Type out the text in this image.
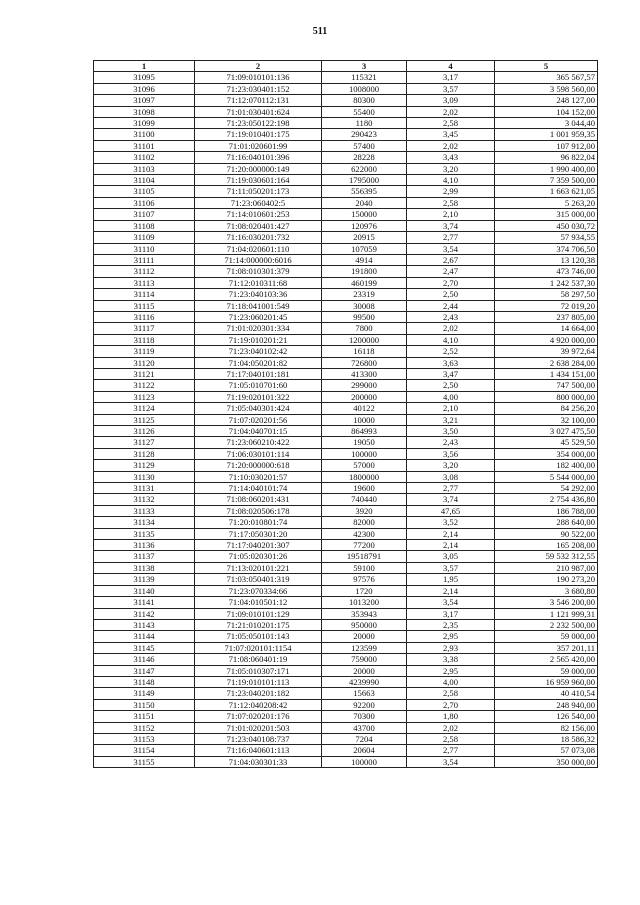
511
1	2	3	4	5
31095	71:09:010101:136	115321	3,17	365 567,57
31096	71:23:030401:152	1008000	3,57	3 598 560,00
31097	71:12:070112:131	80300	3,09	248 127,00
31098	71:01:030401:624	55400	2,02	104 152,00
31099	71:23:050122:198	1180	2,58	3 044,40
31100	71:19:010401:175	290423	3,45	1 001 959,35
31101	71:01:020601:99	57400	2,02	107 912,00
31102	71:16:040101:396	28228	3,43	96 822,04
31103	71:20:000000:149	622000	3,20	1 990 400,00
31104	71:19:030601:164	1795000	4,10	7 359 500,00
31105	71:11:050201:173	556395	2,99	1 663 621,05
31106	71:23:060402:5	2040	2,58	5 263,20
31107	71:14:010601:253	150000	2,10	315 000,00
31108	71:08:020401:427	120976	3,74	450 030,72
31109	71:16:030201:732	20915	2,77	57 934,55
31110	71:04:020601:110	107059	3,54	374 706,50
31111	71:14:000000:6016	4914	2,67	13 120,38
31112	71:08:010301:379	191800	2,47	473 746,00
31113	71:12:010311:68	460199	2,70	1 242 537,30
31114	71:23:040103:36	23319	2,50	58 297,50
31115	71:18:041001:549	30008	2,44	72 019,20
31116	71:23:060201:45	99500	2,43	237 805,00
31117	71:01:020301:334	7800	2,02	14 664,00
31118	71:19:010201:21	1200000	4,10	4 920 000,00
31119	71:23:040102:42	16118	2,52	39 972,64
31120	71:04:050201:82	726800	3,63	2 638 284,00
31121	71:17:040101:181	413300	3,47	1 434 151,00
31122	71:05:010701:60	299000	2,50	747 500,00
31123	71:19:020101:322	200000	4,00	800 000,00
31124	71:05:040301:424	40122	2,10	84 256,20
31125	71:07:020201:56	10000	3,21	32 100,00
31126	71:04:040701:15	864993	3,50	3 027 475,50
31127	71:23:060210:422	19050	2,43	45 529,50
31128	71:06:030101:114	100000	3,56	354 000,00
31129	71:20:000000:618	57000	3,20	182 400,00
31130	71:10:030201:57	1800000	3,08	5 544 000,00
31131	71:14:040101:74	19600	2,77	54 292,00
31132	71:08:060201:431	740440	3,74	2 754 436,80
31133	71:08:020506:178	3920	47,65	186 788,00
31134	71:20:010801:74	82000	3,52	288 640,00
31135	71:17:050301:20	42300	2,14	90 522,00
31136	71:17:040201:307	77200	2,14	165 208,00
31137	71:05:020301:26	19518791	3,05	59 532 312,55
31138	71:13:020101:221	59100	3,57	210 987,00
31139	71:03:050401:319	97576	1,95	190 273,20
31140	71:23:070334:66	1720	2,14	3 680,80
31141	71:04:010501:12	1013200	3,54	3 546 200,00
31142	71:09:010101:129	353943	3,17	1 121 999,31
31143	71:21:010201:175	950000	2,35	2 232 500,00
31144	71:05:050101:143	20000	2,95	59 000,00
31145	71:07:020101:1154	123599	2,93	357 201,11
31146	71:08:060401:19	759000	3,38	2 565 420,00
31147	71:05:010307:171	20000	2,95	59 000,00
31148	71:19:010101:113	4239990	4,00	16 959 960,00
31149	71:23:040201:182	15663	2,58	40 410,54
31150	71:12:040208:42	92200	2,70	248 940,00
31151	71:07:020201:176	70300	1,80	126 540,00
31152	71:01:020201:503	43700	2,02	82 156,00
31153	71:23:040108:737	7204	2,58	18 586,32
31154	71:16:040601:113	20604	2,77	57 073,08
31155	71:04:030301:33	100000	3,54	350 000,00
